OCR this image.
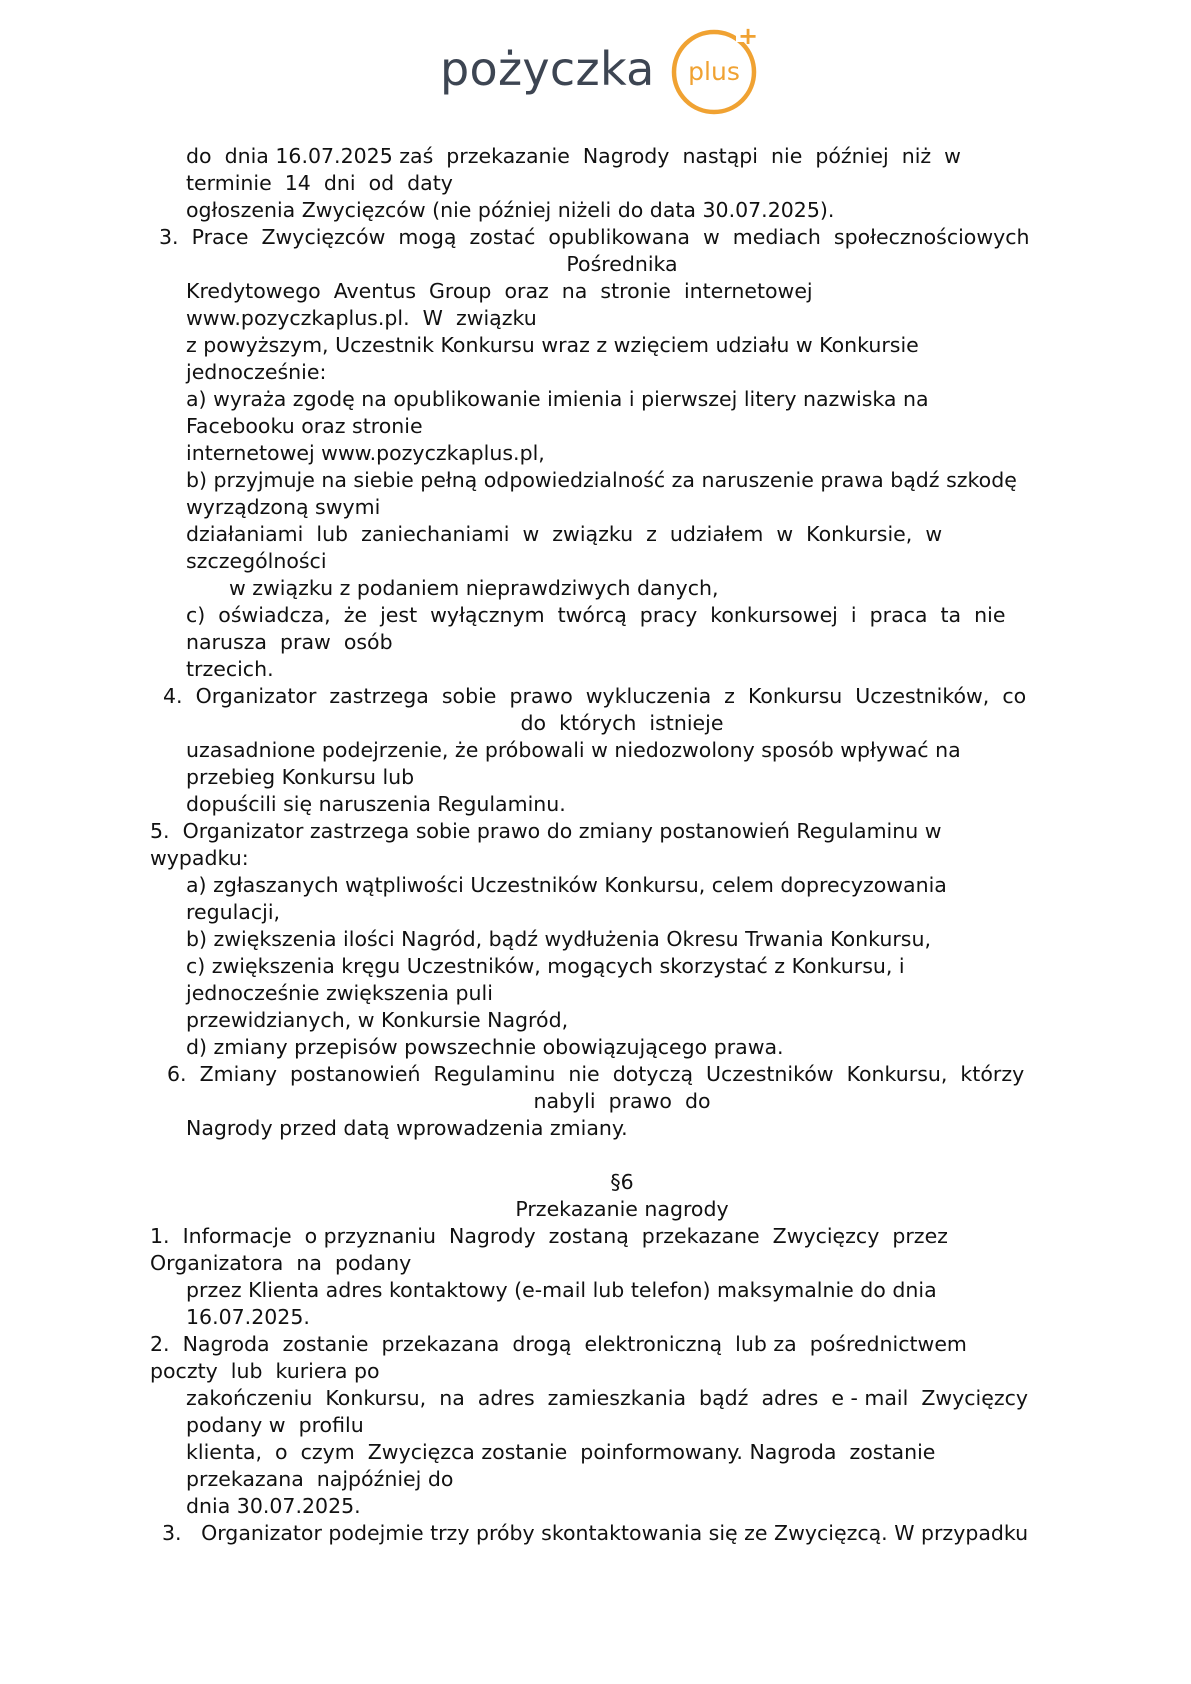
pożyczka
+
plus

do  dnia 16.07.2025 zaś  przekazanie  Nagrody  nastąpi  nie  później  niż  w

terminie  14  dni  od  daty

ogłoszenia Zwycięzców (nie później niżeli do data 30.07.2025).

3.  Prace  Zwycięzców  mogą  zostać  opublikowana  w  mediach  społecznościowych

Pośrednika

Kredytowego  Aventus  Group  oraz  na  stronie  internetowej

www.pozyczkaplus.pl.  W  związku

z powyższym, Uczestnik Konkursu wraz z wzięciem udziału w Konkursie

jednocześnie:

a) wyraża zgodę na opublikowanie imienia i pierwszej litery nazwiska na

Facebooku oraz stronie

internetowej www.pozyczkaplus.pl,

b) przyjmuje na siebie pełną odpowiedzialność za naruszenie prawa bądź szkodę

wyrządzoną swymi

działaniami  lub  zaniechaniami  w  związku  z  udziałem  w  Konkursie,  w

szczególności

w związku z podaniem nieprawdziwych danych,

c)  oświadcza,  że  jest  wyłącznym  twórcą  pracy  konkursowej  i  praca  ta  nie

narusza  praw  osób

trzecich.

4.  Organizator  zastrzega  sobie  prawo  wykluczenia  z  Konkursu  Uczestników,  co

do  których  istnieje

uzasadnione podejrzenie, że próbowali w niedozwolony sposób wpływać na

przebieg Konkursu lub

dopuścili się naruszenia Regulaminu.

5.  Organizator zastrzega sobie prawo do zmiany postanowień Regulaminu w

wypadku:

a) zgłaszanych wątpliwości Uczestników Konkursu, celem doprecyzowania

regulacji,

b) zwiększenia ilości Nagród, bądź wydłużenia Okresu Trwania Konkursu,

c) zwiększenia kręgu Uczestników, mogących skorzystać z Konkursu, i

jednocześnie zwiększenia puli

przewidzianych, w Konkursie Nagród,

d) zmiany przepisów powszechnie obowiązującego prawa.

6.  Zmiany  postanowień  Regulaminu  nie  dotyczą  Uczestników  Konkursu,  którzy

nabyli  prawo  do

Nagrody przed datą wprowadzenia zmiany.

§6

Przekazanie nagrody

1.  Informacje  o przyznaniu  Nagrody  zostaną  przekazane  Zwycięzcy  przez

Organizatora  na  podany

przez Klienta adres kontaktowy (e-mail lub telefon) maksymalnie do dnia

16.07.2025.

2.  Nagroda  zostanie  przekazana  drogą  elektroniczną  lub za  pośrednictwem

poczty  lub  kuriera po

zakończeniu  Konkursu,  na  adres  zamieszkania  bądź  adres  e - mail  Zwycięzcy

podany w  profilu

klienta,  o  czym  Zwycięzca zostanie  poinformowany. Nagroda  zostanie

przekazana  najpóźniej do

dnia 30.07.2025.

3.   Organizator podejmie trzy próby skontaktowania się ze Zwycięzcą. W przypadku
